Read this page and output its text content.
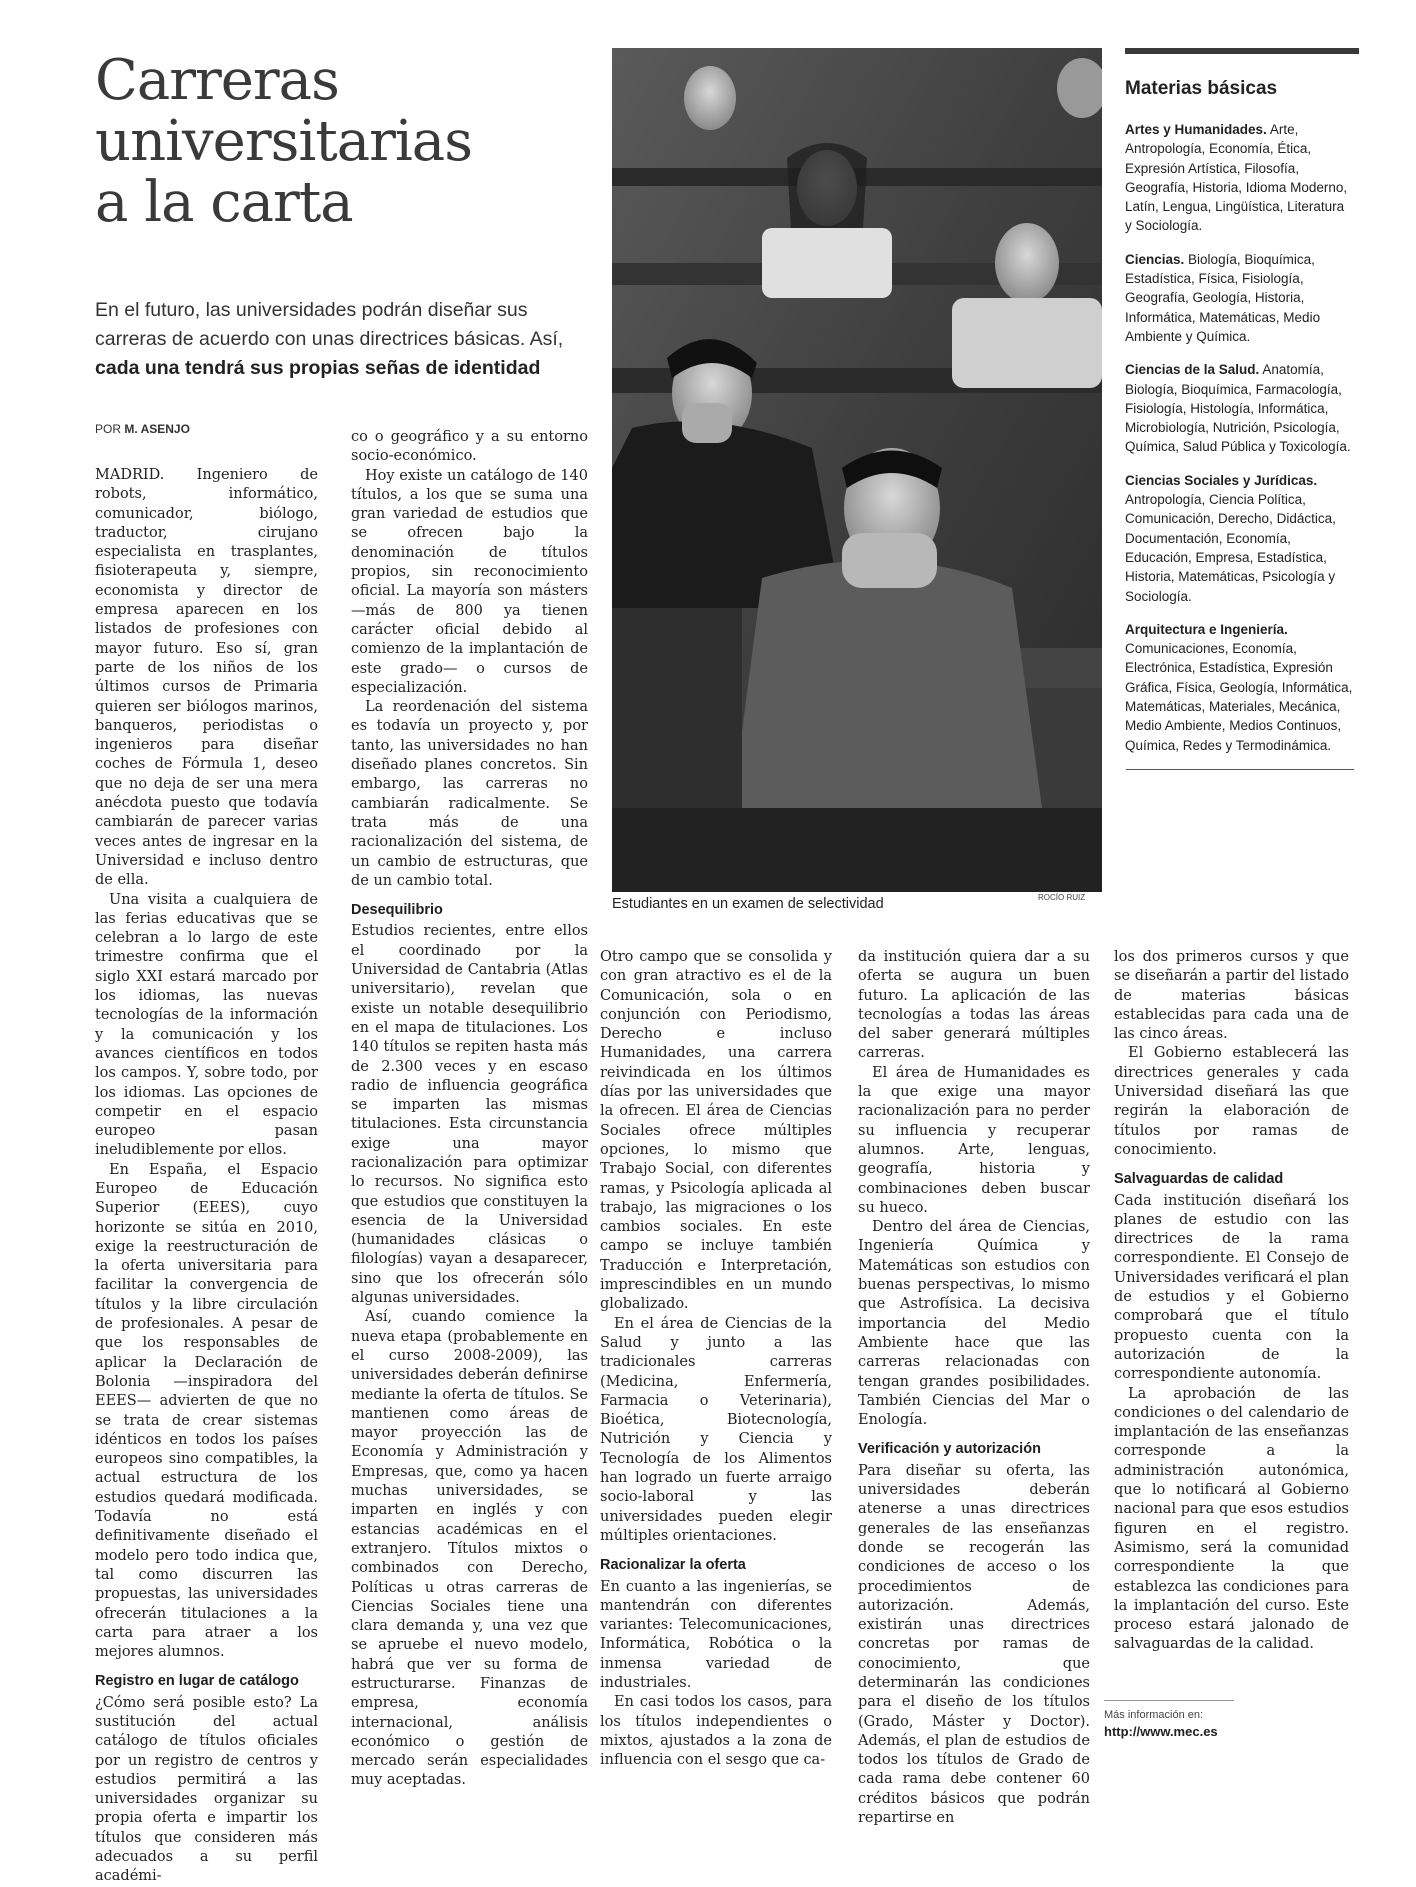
Carreras
universitarias
a la carta
En el futuro, las universidades podrán diseñar sus carreras de acuerdo con unas directrices básicas. Así, cada una tendrá sus propias señas de identidad
POR M. ASENJO

MADRID. Ingeniero de robots, informático, comunicador, biólogo, traductor, cirujano especialista en trasplantes, fisioterapeuta y, siempre, economista y director de empresa aparecen en los listados de profesiones con mayor futuro. Eso sí, gran parte de los niños de los últimos cursos de Primaria quieren ser biólogos marinos, banqueros, periodistas o ingenieros para diseñar coches de Fórmula 1, deseo que no deja de ser una mera anécdota puesto que todavía cambiarán de parecer varias veces antes de ingresar en la Universidad e incluso dentro de ella.

Una visita a cualquiera de las ferias educativas que se celebran a lo largo de este trimestre confirma que el siglo XXI estará marcado por los idiomas, las nuevas tecnologías de la información y la comunicación y los avances científicos en todos los campos. Y, sobre todo, por los idiomas. Las opciones de competir en el espacio europeo pasan ineludiblemente por ellos.

En España, el Espacio Europeo de Educación Superior (EEES), cuyo horizonte se sitúa en 2010, exige la reestructuración de la oferta universitaria para facilitar la convergencia de títulos y la libre circulación de profesionales. A pesar de que los responsables de aplicar la Declaración de Bolonia —inspiradora del EEES— advierten de que no se trata de crear sistemas idénticos en todos los países europeos sino compatibles, la actual estructura de los estudios quedará modificada. Todavía no está definitivamente diseñado el modelo pero todo indica que, tal como discurren las propuestas, las universidades ofrecerán titulaciones a la carta para atraer a los mejores alumnos.

Registro en lugar de catálogo

¿Cómo será posible esto? La sustitución del actual catálogo de títulos oficiales por un registro de centros y estudios permitirá a las universidades organizar su propia oferta e impartir los títulos que consideren más adecuados a su perfil académi-

co o geográfico y a su entorno socio-económico.

Hoy existe un catálogo de 140 títulos, a los que se suma una gran variedad de estudios que se ofrecen bajo la denominación de títulos propios, sin reconocimiento oficial. La mayoría son másters —más de 800 ya tienen carácter oficial debido al comienzo de la implantación de este grado— o cursos de especialización.

La reordenación del sistema es todavía un proyecto y, por tanto, las universidades no han diseñado planes concretos. Sin embargo, las carreras no cambiarán radicalmente. Se trata más de una racionalización del sistema, de un cambio de estructuras, que de un cambio total.

Desequilibrio

Estudios recientes, entre ellos el coordinado por la Universidad de Cantabria (Atlas universitario), revelan que existe un notable desequilibrio en el mapa de titulaciones. Los 140 títulos se repiten hasta más de 2.300 veces y en escaso radio de influencia geográfica se imparten las mismas titulaciones. Esta circunstancia exige una mayor racionalización para optimizar lo recursos. No significa esto que estudios que constituyen la esencia de la Universidad (humanidades clásicas o filologías) vayan a desaparecer, sino que los ofrecerán sólo algunas universidades.

Así, cuando comience la nueva etapa (probablemente en el curso 2008-2009), las universidades deberán definirse mediante la oferta de títulos. Se mantienen como áreas de mayor proyección las de Economía y Administración y Empresas, que, como ya hacen muchas universidades, se imparten en inglés y con estancias académicas en el extranjero. Títulos mixtos o combinados con Derecho, Políticas u otras carreras de Ciencias Sociales tiene una clara demanda y, una vez que se apruebe el nuevo modelo, habrá que ver su forma de estructurarse. Finanzas de empresa, economía internacional, análisis económico o gestión de mercado serán especialidades muy aceptadas.

Estudiantes en un examen de selectividad	ROCÍO RUIZ
Materias básicas
Artes y Humanidades. Arte, Antropología, Economía, Ética, Expresión Artística, Filosofía, Geografía, Historia, Idioma Moderno, Latín, Lengua, Lingüística, Literatura y Sociología.
Ciencias. Biología, Bioquímica, Estadística, Física, Fisiología, Geografía, Geología, Historia, Informática, Matemáticas, Medio Ambiente y Química.
Ciencias de la Salud. Anatomía, Biología, Bioquímica, Farmacología, Fisiología, Histología, Informática, Microbiología, Nutrición, Psicología, Química, Salud Pública y Toxicología.
Ciencias Sociales y Jurídicas. Antropología, Ciencia Política, Comunicación, Derecho, Didáctica, Documentación, Economía, Educación, Empresa, Estadística, Historia, Matemáticas, Psicología y Sociología.
Arquitectura e Ingeniería. Comunicaciones, Economía, Electrónica, Estadística, Expresión Gráfica, Física, Geología, Informática, Matemáticas, Materiales, Mecánica, Medio Ambiente, Medios Continuos, Química, Redes y Termodinámica.

Otro campo que se consolida y con gran atractivo es el de la Comunicación, sola o en conjunción con Periodismo, Derecho e incluso Humanidades, una carrera reivindicada en los últimos días por las universidades que la ofrecen. El área de Ciencias Sociales ofrece múltiples opciones, lo mismo que Trabajo Social, con diferentes ramas, y Psicología aplicada al trabajo, las migraciones o los cambios sociales. En este campo se incluye también Traducción e Interpretación, imprescindibles en un mundo globalizado.

En el área de Ciencias de la Salud y junto a las tradicionales carreras (Medicina, Enfermería, Farmacia o Veterinaria), Bioética, Biotecnología, Nutrición y Ciencia y Tecnología de los Alimentos han logrado un fuerte arraigo socio-laboral y las universidades pueden elegir múltiples orientaciones.

Racionalizar la oferta

En cuanto a las ingenierías, se mantendrán con diferentes variantes: Telecomunicaciones, Informática, Robótica o la inmensa variedad de industriales.

En casi todos los casos, para los títulos independientes o mixtos, ajustados a la zona de influencia con el sesgo que ca-

da institución quiera dar a su oferta se augura un buen futuro. La aplicación de las tecnologías a todas las áreas del saber generará múltiples carreras.

El área de Humanidades es la que exige una mayor racionalización para no perder su influencia y recuperar alumnos. Arte, lenguas, geografía, historia y combinaciones deben buscar su hueco.

Dentro del área de Ciencias, Ingeniería Química y Matemáticas son estudios con buenas perspectivas, lo mismo que Astrofísica. La decisiva importancia del Medio Ambiente hace que las carreras relacionadas con tengan grandes posibilidades. También Ciencias del Mar o Enología.

Verificación y autorización

Para diseñar su oferta, las universidades deberán atenerse a unas directrices generales de las enseñanzas donde se recogerán las condiciones de acceso o los procedimientos de autorización. Además, existirán unas directrices concretas por ramas de conocimiento, que determinarán las condiciones para el diseño de los títulos (Grado, Máster y Doctor). Además, el plan de estudios de todos los títulos de Grado de cada rama debe contener 60 créditos básicos que podrán repartirse en

los dos primeros cursos y que se diseñarán a partir del listado de materias básicas establecidas para cada una de las cinco áreas.

El Gobierno establecerá las directrices generales y cada Universidad diseñará las que regirán la elaboración de títulos por ramas de conocimiento.

Salvaguardas de calidad

Cada institución diseñará los planes de estudio con las directrices de la rama correspondiente. El Consejo de Universidades verificará el plan de estudios y el Gobierno comprobará que el título propuesto cuenta con la autorización de la correspondiente autonomía.

La aprobación de las condiciones o del calendario de implantación de las enseñanzas corresponde a la administración autonómica, que lo notificará al Gobierno nacional para que esos estudios figuren en el registro. Asimismo, será la comunidad correspondiente la que establezca las condiciones para la implantación del curso. Este proceso estará jalonado de salvaguardas de la calidad.

Más información en:
http://www.mec.es
